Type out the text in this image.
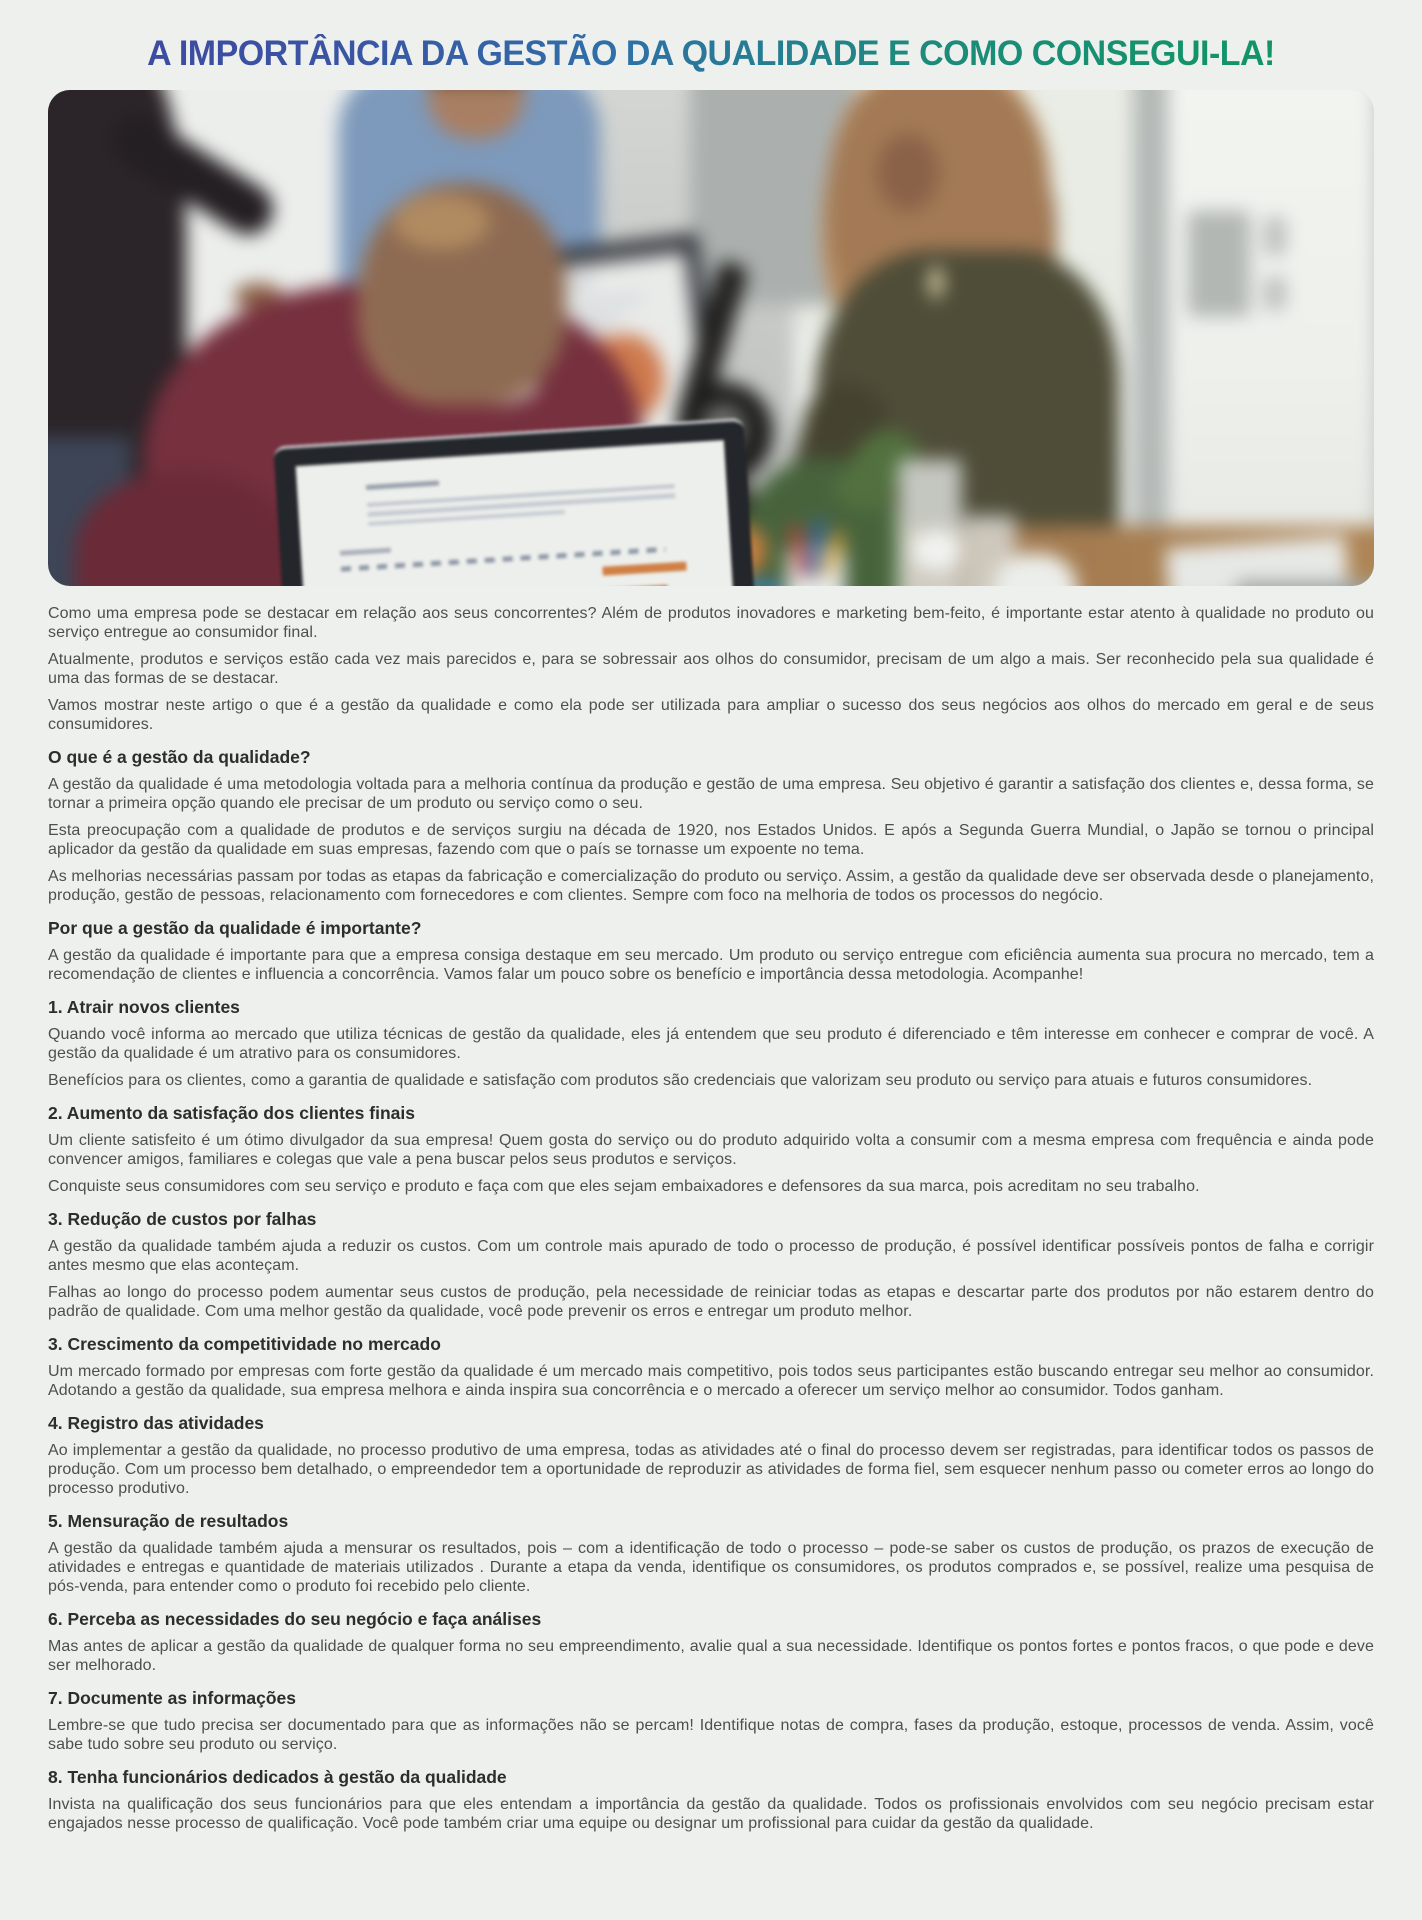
A IMPORTÂNCIA DA GESTÃO DA QUALIDADE E COMO CONSEGUI-LA!

Como uma empresa pode se destacar em relação aos seus concorrentes? Além de produtos inovadores e marketing bem-feito, é importante estar atento à qualidade no produto ou serviço entregue ao consumidor final.

Atualmente, produtos e serviços estão cada vez mais parecidos e, para se sobressair aos olhos do consumidor, precisam de um algo a mais. Ser reconhecido pela sua qualidade é uma das formas de se destacar.

Vamos mostrar neste artigo o que é a gestão da qualidade e como ela pode ser utilizada para ampliar o sucesso dos seus negócios aos olhos do mercado em geral e de seus consumidores.

O que é a gestão da qualidade?

A gestão da qualidade é uma metodologia voltada para a melhoria contínua da produção e gestão de uma empresa. Seu objetivo é garantir a satisfação dos clientes e, dessa forma, se tornar a primeira opção quando ele precisar de um produto ou serviço como o seu.

Esta preocupação com a qualidade de produtos e de serviços surgiu na década de 1920, nos Estados Unidos. E após a Segunda Guerra Mundial, o Japão se tornou o principal aplicador da gestão da qualidade em suas empresas, fazendo com que o país se tornasse um expoente no tema.

As melhorias necessárias passam por todas as etapas da fabricação e comercialização do produto ou serviço. Assim, a gestão da qualidade deve ser observada desde o planejamento, produção, gestão de pessoas, relacionamento com fornecedores e com clientes. Sempre com foco na melhoria de todos os processos do negócio.

Por que a gestão da qualidade é importante?

A gestão da qualidade é importante para que a empresa consiga destaque em seu mercado. Um produto ou serviço entregue com eficiência aumenta sua procura no mercado, tem a recomendação de clientes e influencia a concorrência. Vamos falar um pouco sobre os benefício e importância dessa metodologia. Acompanhe!

1. Atrair novos clientes

Quando você informa ao mercado que utiliza técnicas de gestão da qualidade, eles já entendem que seu produto é diferenciado e têm interesse em conhecer e comprar de você. A gestão da qualidade é um atrativo para os consumidores.

Benefícios para os clientes, como a garantia de qualidade e satisfação com produtos são credenciais que valorizam seu produto ou serviço para atuais e futuros consumidores.

2. Aumento da satisfação dos clientes finais

Um cliente satisfeito é um ótimo divulgador da sua empresa! Quem gosta do serviço ou do produto adquirido volta a consumir com a mesma empresa com frequência e ainda pode convencer amigos, familiares e colegas que vale a pena buscar pelos seus produtos e serviços.

Conquiste seus consumidores com seu serviço e produto e faça com que eles sejam embaixadores e defensores da sua marca, pois acreditam no seu trabalho.

3. Redução de custos por falhas

A gestão da qualidade também ajuda a reduzir os custos. Com um controle mais apurado de todo o processo de produção, é possível identificar possíveis pontos de falha e corrigir antes mesmo que elas aconteçam.

Falhas ao longo do processo podem aumentar seus custos de produção, pela necessidade de reiniciar todas as etapas e descartar parte dos produtos por não estarem dentro do padrão de qualidade. Com uma melhor gestão da qualidade, você pode prevenir os erros e entregar um produto melhor.

3. Crescimento da competitividade no mercado

Um mercado formado por empresas com forte gestão da qualidade é um mercado mais competitivo, pois todos seus participantes estão buscando entregar seu melhor ao consumidor. Adotando a gestão da qualidade, sua empresa melhora e ainda inspira sua concorrência e o mercado a oferecer um serviço melhor ao consumidor. Todos ganham.

4. Registro das atividades

Ao implementar a gestão da qualidade, no processo produtivo de uma empresa, todas as atividades até o final do processo devem ser registradas, para identificar todos os passos de produção. Com um processo bem detalhado, o empreendedor tem a oportunidade de reproduzir as atividades de forma fiel, sem esquecer nenhum passo ou cometer erros ao longo do processo produtivo.

5. Mensuração de resultados

A gestão da qualidade também ajuda a mensurar os resultados, pois – com a identificação de todo o processo – pode-se saber os custos de produção, os prazos de execução de atividades e entregas e quantidade de materiais utilizados . Durante a etapa da venda, identifique os consumidores, os produtos comprados e, se possível, realize uma pesquisa de pós-venda, para entender como o produto foi recebido pelo cliente.

6. Perceba as necessidades do seu negócio e faça análises

Mas antes de aplicar a gestão da qualidade de qualquer forma no seu empreendimento, avalie qual a sua necessidade. Identifique os pontos fortes e pontos fracos, o que pode e deve ser melhorado.

7. Documente as informações

Lembre-se que tudo precisa ser documentado para que as informações não se percam! Identifique notas de compra, fases da produção, estoque, processos de venda. Assim, você sabe tudo sobre seu produto ou serviço.

8. Tenha funcionários dedicados à gestão da qualidade

Invista na qualificação dos seus funcionários para que eles entendam a importância da gestão da qualidade. Todos os profissionais envolvidos com seu negócio precisam estar engajados nesse processo de qualificação. Você pode também criar uma equipe ou designar um profissional para cuidar da gestão da qualidade.
